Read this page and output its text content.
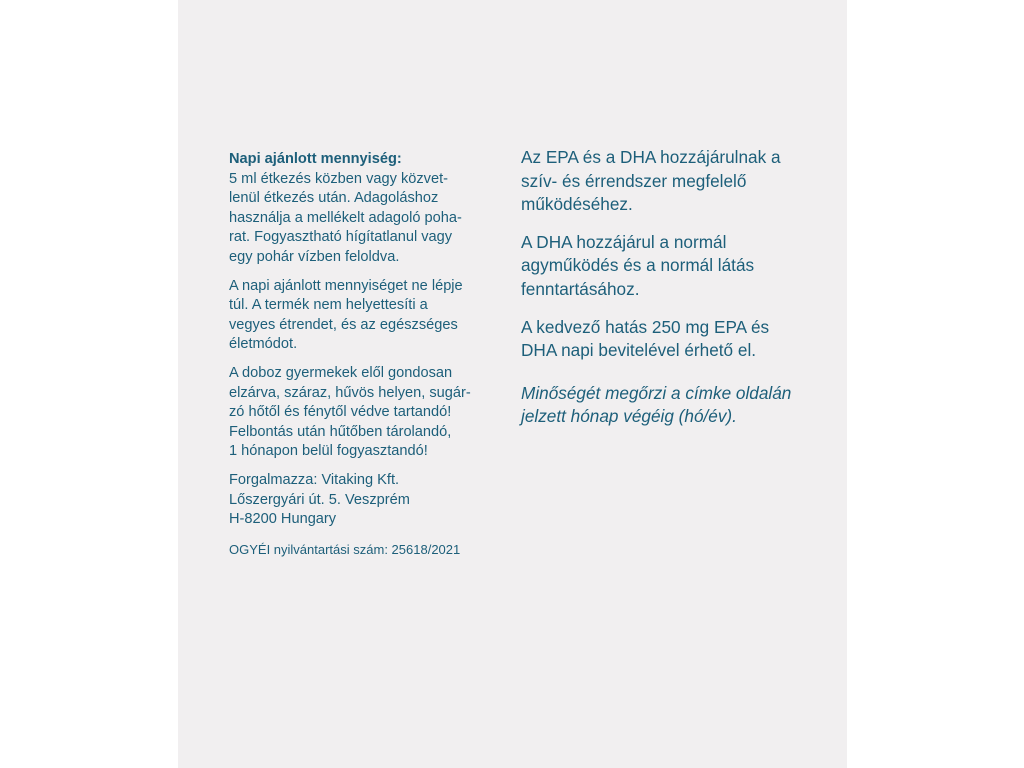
Napi ajánlott mennyiség:

5 ml étkezés közben vagy közvet-
lenül étkezés után. Adagoláshoz
használja a mellékelt adagoló poha-
rat. Fogyasztható hígítatlanul vagy
egy pohár vízben feloldva.

A napi ajánlott mennyiséget ne lépje
túl. A termék nem helyettesíti a
vegyes étrendet, és az egészséges
életmódot.

A doboz gyermekek elől gondosan
elzárva, száraz, hűvös helyen, sugár-
zó hőtől és fénytől védve tartandó!
Felbontás után hűtőben tárolandó,
1 hónapon belül fogyasztandó!

Forgalmazza: Vitaking Kft.
Lőszergyári út. 5. Veszprém
H-8200 Hungary

OGYÉI nyilvántartási szám: 25618/2021

Az EPA és a DHA hozzájárulnak a
szív- és érrendszer megfelelő
működéséhez.

A DHA hozzájárul a normál
agyműködés és a normál látás
fenntartásához.

A kedvező hatás 250 mg EPA és
DHA napi bevitelével érhető el.

Minőségét megőrzi a címke oldalán
jelzett hónap végéig (hó/év).
